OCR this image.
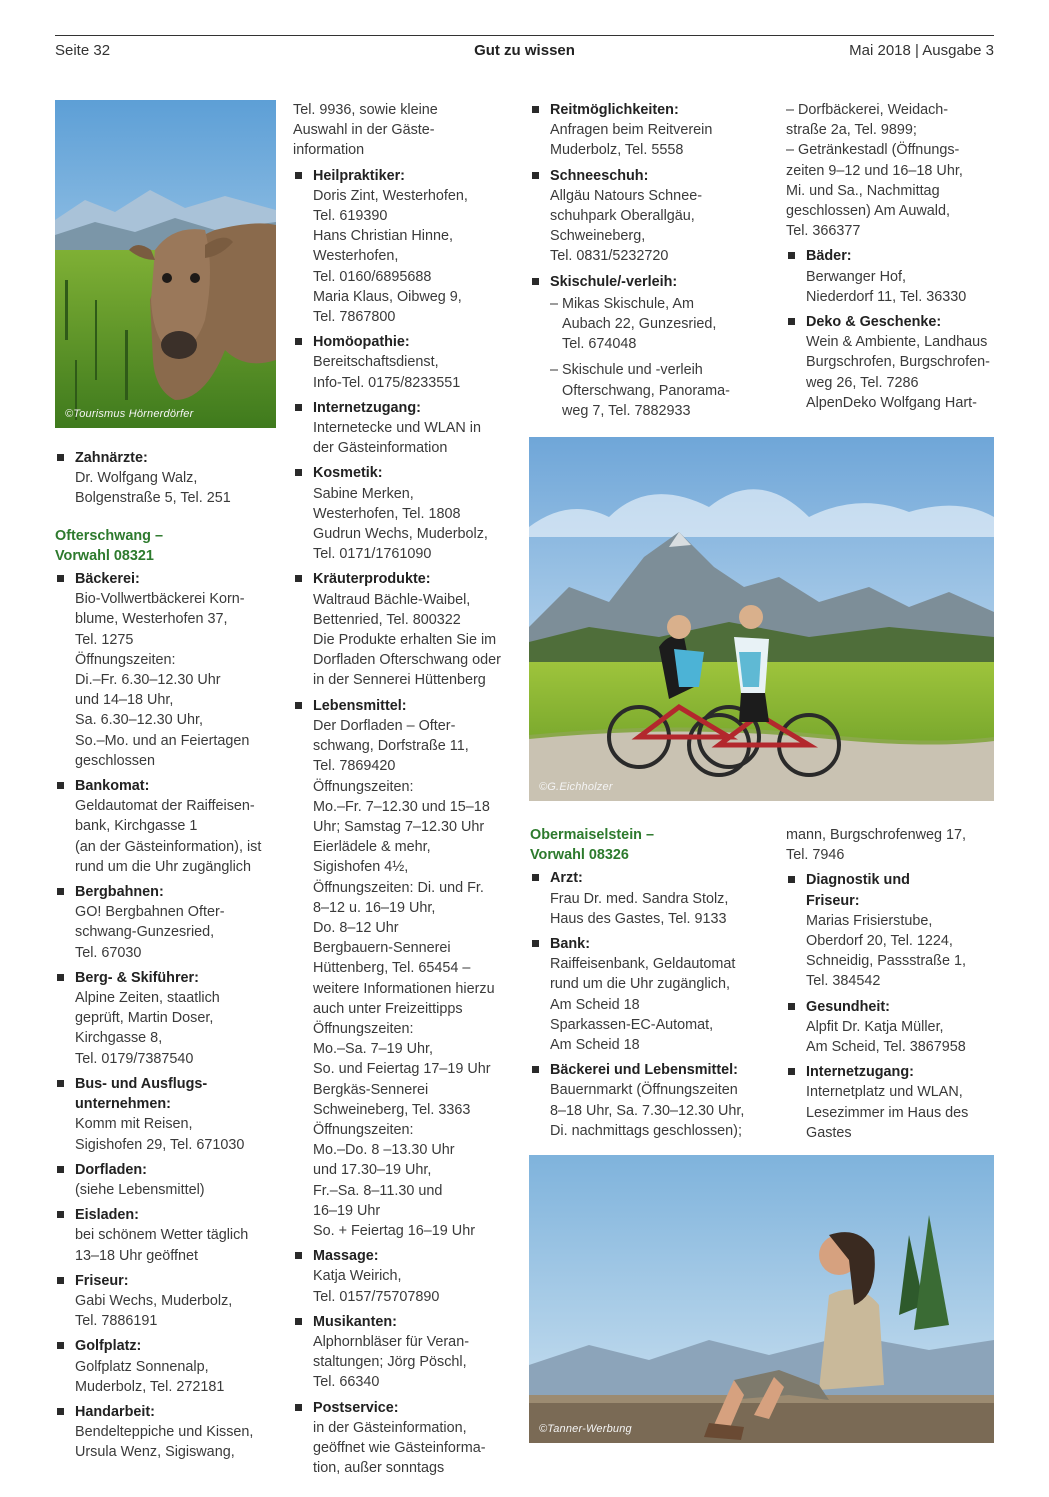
Seite 32	Gut zu wissen	Mai 2018 | Ausgabe 3
©Tourismus Hörnerdörfer
Zahnärzte:
Dr. Wolfgang Walz,
Bolgenstraße 5, Tel. 251
Ofterschwang –
Vorwahl 08321
Bäckerei:
Bio-Vollwertbäckerei Korn-
blume, Westerhofen 37,
Tel. 1275
Öffnungszeiten:
Di.–Fr. 6.30–12.30 Uhr
und 14–18 Uhr,
Sa. 6.30–12.30 Uhr,
So.–Mo. und an Feiertagen
geschlossen
Bankomat:
Geldautomat der Raiffeisen-
bank, Kirchgasse 1
(an der Gästeinformation), ist
rund um die Uhr zugänglich
Bergbahnen:
GO! Bergbahnen Ofter-
schwang-Gunzesried,
Tel. 67030
Berg- & Skiführer:
Alpine Zeiten, staatlich
geprüft, Martin Doser,
Kirchgasse 8,
Tel. 0179/7387540
Bus- und Ausflugs-
unternehmen:
Komm mit Reisen,
Sigishofen 29, Tel. 671030
Dorfladen:
(siehe Lebensmittel)
Eisladen:
bei schönem Wetter täglich
13–18 Uhr geöffnet
Friseur:
Gabi Wechs, Muderbolz,
Tel. 7886191
Golfplatz:
Golfplatz Sonnenalp,
Muderbolz, Tel. 272181
Handarbeit:
Bendelteppiche und Kissen,
Ursula Wenz, Sigiswang,
Tel. 9936, sowie kleine
Auswahl in der Gäste-
information
Heilpraktiker:
Doris Zint, Westerhofen,
Tel. 619390
Hans Christian Hinne,
Westerhofen,
Tel. 0160/6895688
Maria Klaus, Oibweg 9,
Tel. 7867800
Homöopathie:
Bereitschaftsdienst,
Info-Tel. 0175/8233551
Internetzugang:
Internetecke und WLAN in
der Gästeinformation
Kosmetik:
Sabine Merken,
Westerhofen, Tel. 1808
Gudrun Wechs, Muderbolz,
Tel. 0171/1761090
Kräuterprodukte:
Waltraud Bächle-Waibel,
Bettenried, Tel. 800322
Die Produkte erhalten Sie im
Dorfladen Ofterschwang oder
in der Sennerei Hüttenberg
Lebensmittel:
Der Dorfladen – Ofter-
schwang, Dorfstraße 11,
Tel. 7869420
Öffnungszeiten:
Mo.–Fr. 7–12.30 und 15–18
Uhr; Samstag 7–12.30 Uhr
Eierlädele & mehr,
Sigishofen 4½,
Öffnungszeiten: Di. und Fr.
8–12 u. 16–19 Uhr,
Do. 8–12 Uhr
Bergbauern-Sennerei
Hüttenberg, Tel. 65454 –
weitere Informationen hierzu
auch unter Freizeittipps
Öffnungszeiten:
Mo.–Sa. 7–19 Uhr,
So. und Feiertag 17–19 Uhr
Bergkäs-Sennerei
Schweineberg, Tel. 3363
Öffnungszeiten:
Mo.–Do. 8 –13.30 Uhr
und 17.30–19 Uhr,
Fr.–Sa. 8–11.30 und
16–19 Uhr
So. + Feiertag 16–19 Uhr
Massage:
Katja Weirich,
Tel. 0157/75707890
Musikanten:
Alphornbläser für Veran-
staltungen; Jörg Pöschl,
Tel. 66340
Postservice:
in der Gästeinformation,
geöffnet wie Gästeinforma-
tion, außer sonntags
Reitmöglichkeiten:
Anfragen beim Reitverein
Muderbolz, Tel. 5558
Schneeschuh:
Allgäu Natours Schnee-
schuhpark Oberallgäu,
Schweineberg,
Tel. 0831/5232720
Skischule/-verleih:
– Mikas Skischule, Am
Aubach 22, Gunzesried,
Tel. 674048
– Skischule und -verleih
Ofterschwang, Panorama-
weg 7, Tel. 7882933
– Dorfbäckerei, Weidach-
straße 2a, Tel. 9899;
– Getränkestadl (Öffnungs-
zeiten 9–12 und 16–18 Uhr,
Mi. und Sa., Nachmittag
geschlossen) Am Auwald,
Tel. 366377
Bäder:
Berwanger Hof,
Niederdorf 11, Tel. 36330
Deko & Geschenke:
Wein & Ambiente, Landhaus
Burgschrofen, Burgschrofen-
weg 26, Tel. 7286
AlpenDeko Wolfgang Hart-
©G.Eichholzer
Obermaiselstein –
Vorwahl 08326
Arzt:
Frau Dr. med. Sandra Stolz,
Haus des Gastes, Tel. 9133
Bank:
Raiffeisenbank, Geldautomat
rund um die Uhr zugänglich,
Am Scheid 18
Sparkassen-EC-Automat,
Am Scheid 18
Bäckerei und Lebensmittel:
Bauernmarkt (Öffnungszeiten
8–18 Uhr, Sa. 7.30–12.30 Uhr,
Di. nachmittags geschlossen);
mann, Burgschrofenweg 17,
Tel. 7946
Diagnostik und
Friseur:
Marias Frisierstube,
Oberdorf 20, Tel. 1224,
Schneidig, Passstraße 1,
Tel. 384542
Gesundheit:
Alpfit Dr. Katja Müller,
Am Scheid, Tel. 3867958
Internetzugang:
Internetplatz und WLAN,
Lesezimmer im Haus des
Gastes
©Tanner-Werbung
